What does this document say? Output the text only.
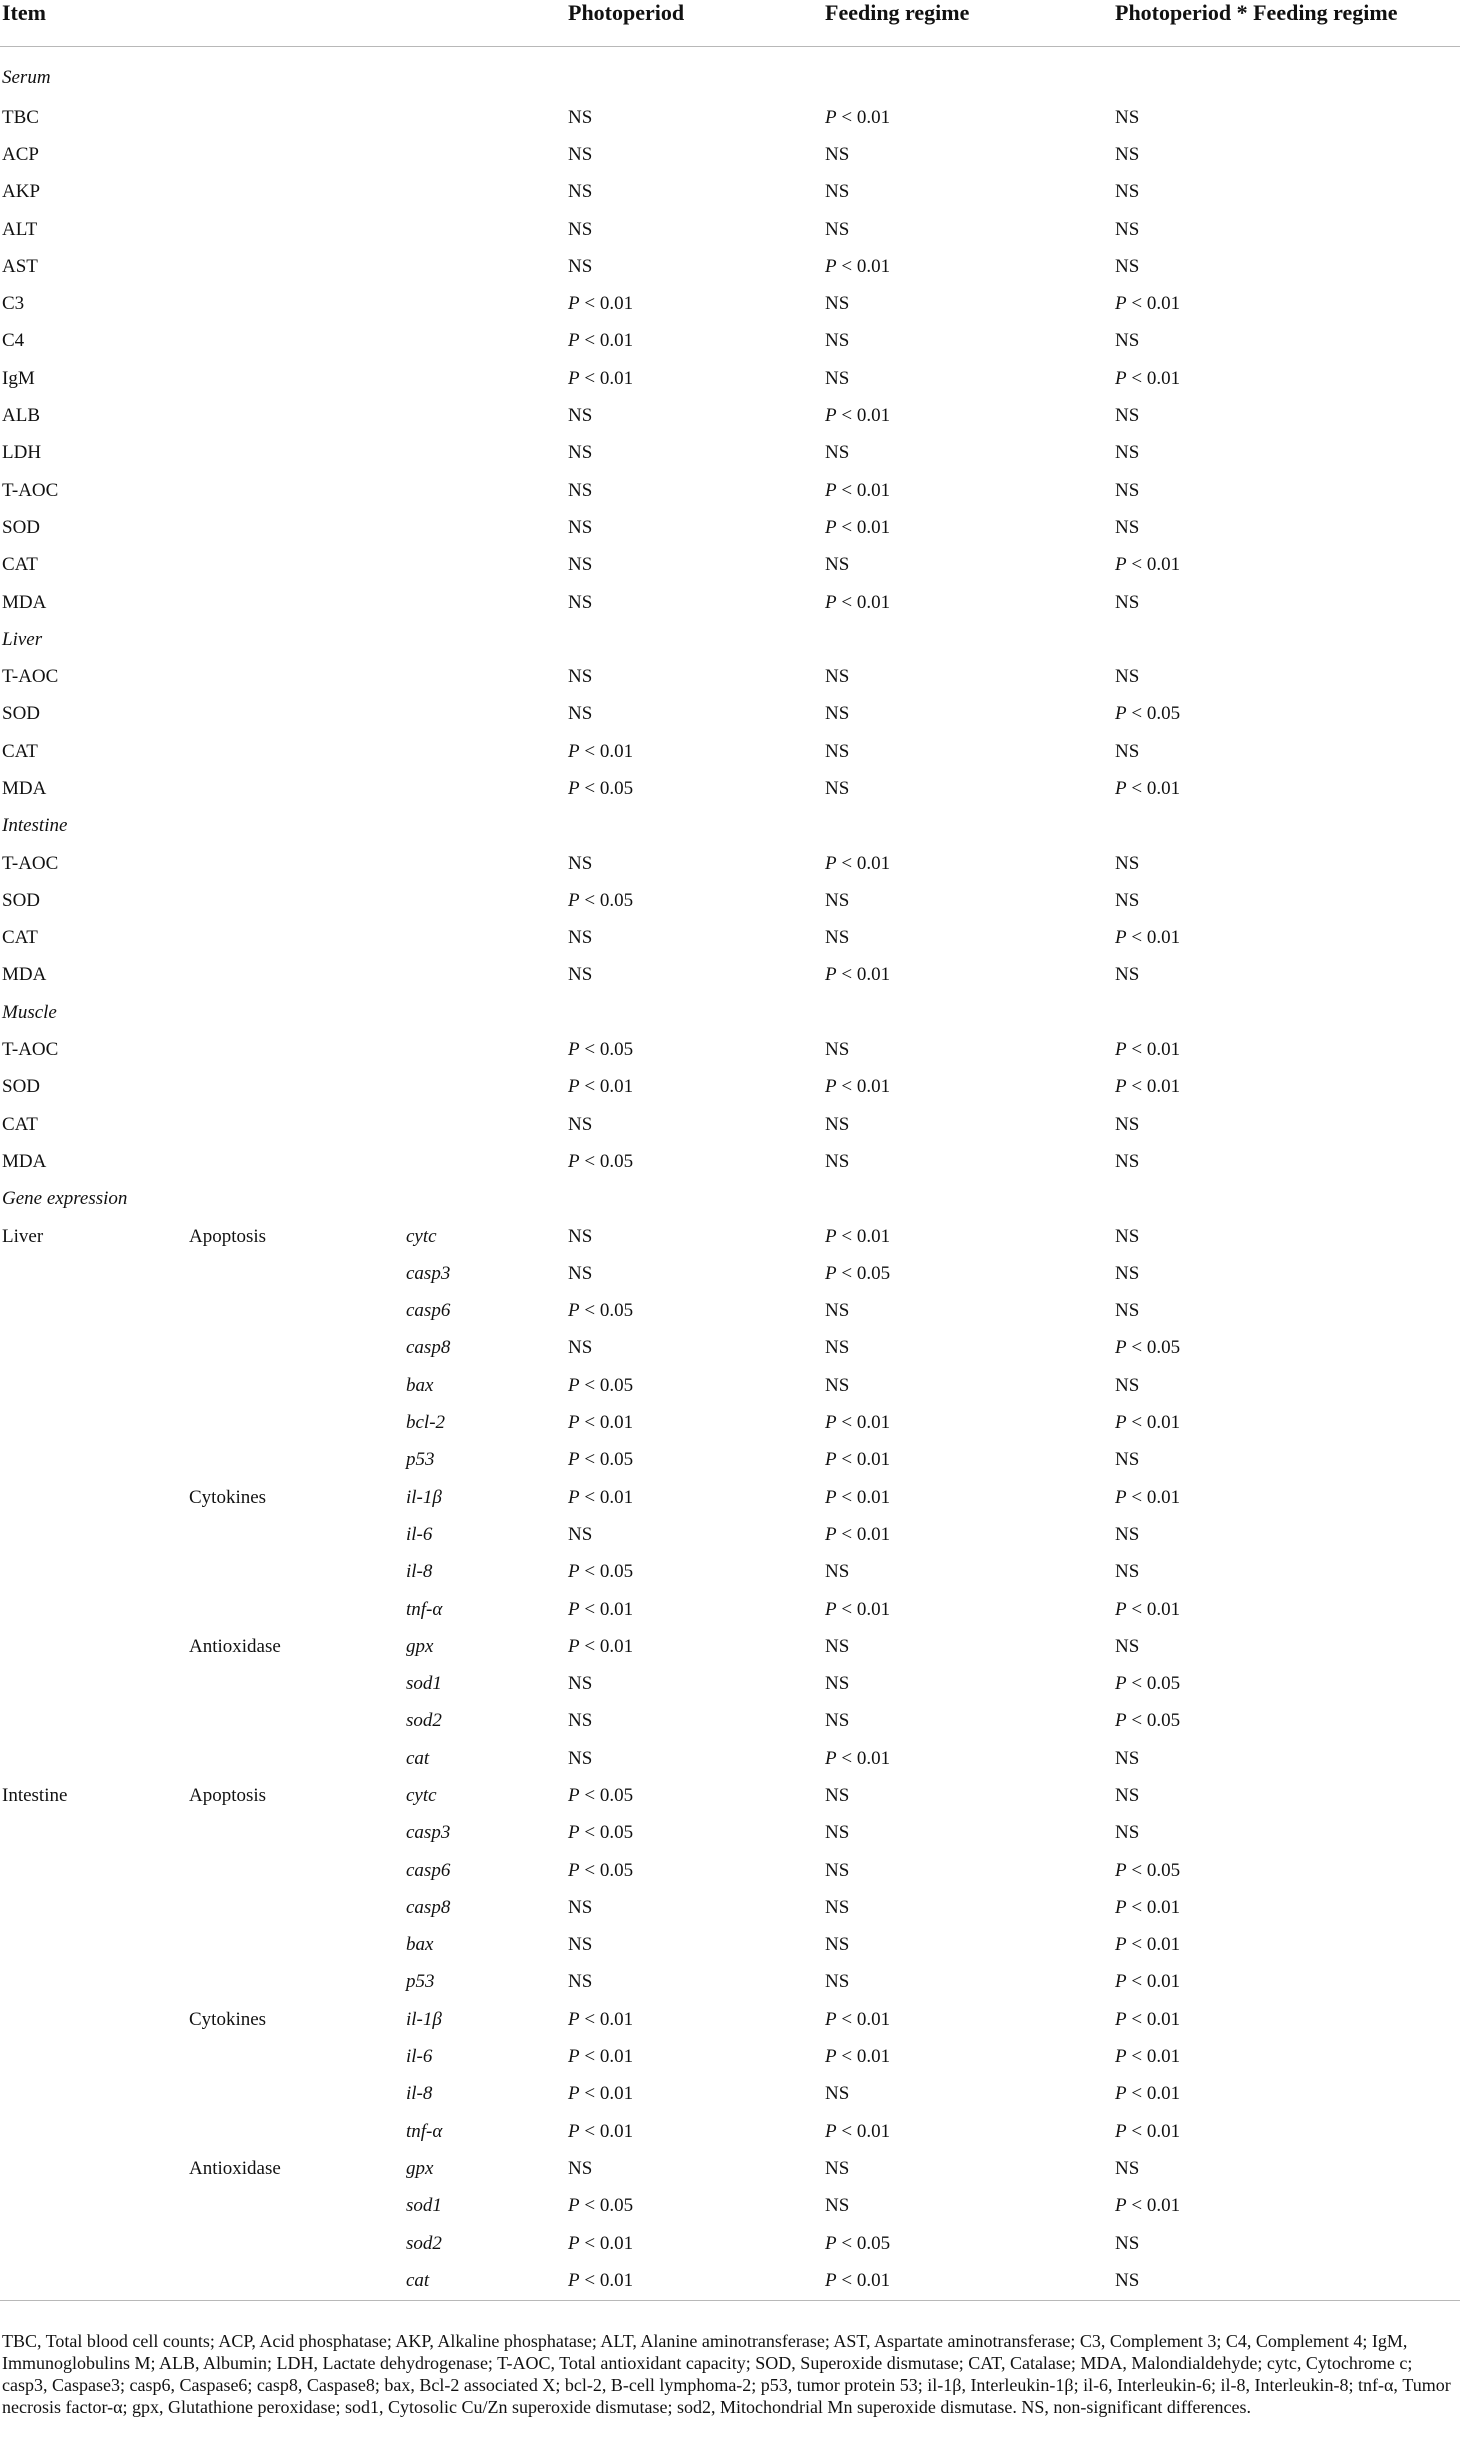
Item			Photoperiod	Feeding regime	Photoperiod * Feeding regime
Serum					
TBC			NS	P < 0.01	NS
ACP			NS	NS	NS
AKP			NS	NS	NS
ALT			NS	NS	NS
AST			NS	P < 0.01	NS
C3			P < 0.01	NS	P < 0.01
C4			P < 0.01	NS	NS
IgM			P < 0.01	NS	P < 0.01
ALB			NS	P < 0.01	NS
LDH			NS	NS	NS
T-AOC			NS	P < 0.01	NS
SOD			NS	P < 0.01	NS
CAT			NS	NS	P < 0.01
MDA			NS	P < 0.01	NS
Liver					
T-AOC			NS	NS	NS
SOD			NS	NS	P < 0.05
CAT			P < 0.01	NS	NS
MDA			P < 0.05	NS	P < 0.01
Intestine					
T-AOC			NS	P < 0.01	NS
SOD			P < 0.05	NS	NS
CAT			NS	NS	P < 0.01
MDA			NS	P < 0.01	NS
Muscle					
T-AOC			P < 0.05	NS	P < 0.01
SOD			P < 0.01	P < 0.01	P < 0.01
CAT			NS	NS	NS
MDA			P < 0.05	NS	NS
Gene expression					
Liver	Apoptosis	cytc	NS	P < 0.01	NS
		casp3	NS	P < 0.05	NS
		casp6	P < 0.05	NS	NS
		casp8	NS	NS	P < 0.05
		bax	P < 0.05	NS	NS
		bcl-2	P < 0.01	P < 0.01	P < 0.01
		p53	P < 0.05	P < 0.01	NS
	Cytokines	il-1β	P < 0.01	P < 0.01	P < 0.01
		il-6	NS	P < 0.01	NS
		il-8	P < 0.05	NS	NS
		tnf-α	P < 0.01	P < 0.01	P < 0.01
	Antioxidase	gpx	P < 0.01	NS	NS
		sod1	NS	NS	P < 0.05
		sod2	NS	NS	P < 0.05
		cat	NS	P < 0.01	NS
Intestine	Apoptosis	cytc	P < 0.05	NS	NS
		casp3	P < 0.05	NS	NS
		casp6	P < 0.05	NS	P < 0.05
		casp8	NS	NS	P < 0.01
		bax	NS	NS	P < 0.01
		p53	NS	NS	P < 0.01
	Cytokines	il-1β	P < 0.01	P < 0.01	P < 0.01
		il-6	P < 0.01	P < 0.01	P < 0.01
		il-8	P < 0.01	NS	P < 0.01
		tnf-α	P < 0.01	P < 0.01	P < 0.01
	Antioxidase	gpx	NS	NS	NS
		sod1	P < 0.05	NS	P < 0.01
		sod2	P < 0.01	P < 0.05	NS
		cat	P < 0.01	P < 0.01	NS
TBC, Total blood cell counts; ACP, Acid phosphatase; AKP, Alkaline phosphatase; ALT, Alanine aminotransferase; AST, Aspartate aminotransferase; C3, Complement 3; C4, Complement 4; IgM, Immunoglobulins M; ALB, Albumin; LDH, Lactate dehydrogenase; T-AOC, Total antioxidant capacity; SOD, Superoxide dismutase; CAT, Catalase; MDA, Malondialdehyde; cytc, Cytochrome c; casp3, Caspase3; casp6, Caspase6; casp8, Caspase8; bax, Bcl-2 associated X; bcl-2, B-cell lymphoma-2; p53, tumor protein 53; il-1β, Interleukin-1β; il-6, Interleukin-6; il-8, Interleukin-8; tnf-α, Tumor necrosis factor-α; gpx, Glutathione peroxidase; sod1, Cytosolic Cu/Zn superoxide dismutase; sod2, Mitochondrial Mn superoxide dismutase. NS, non-significant differences.
